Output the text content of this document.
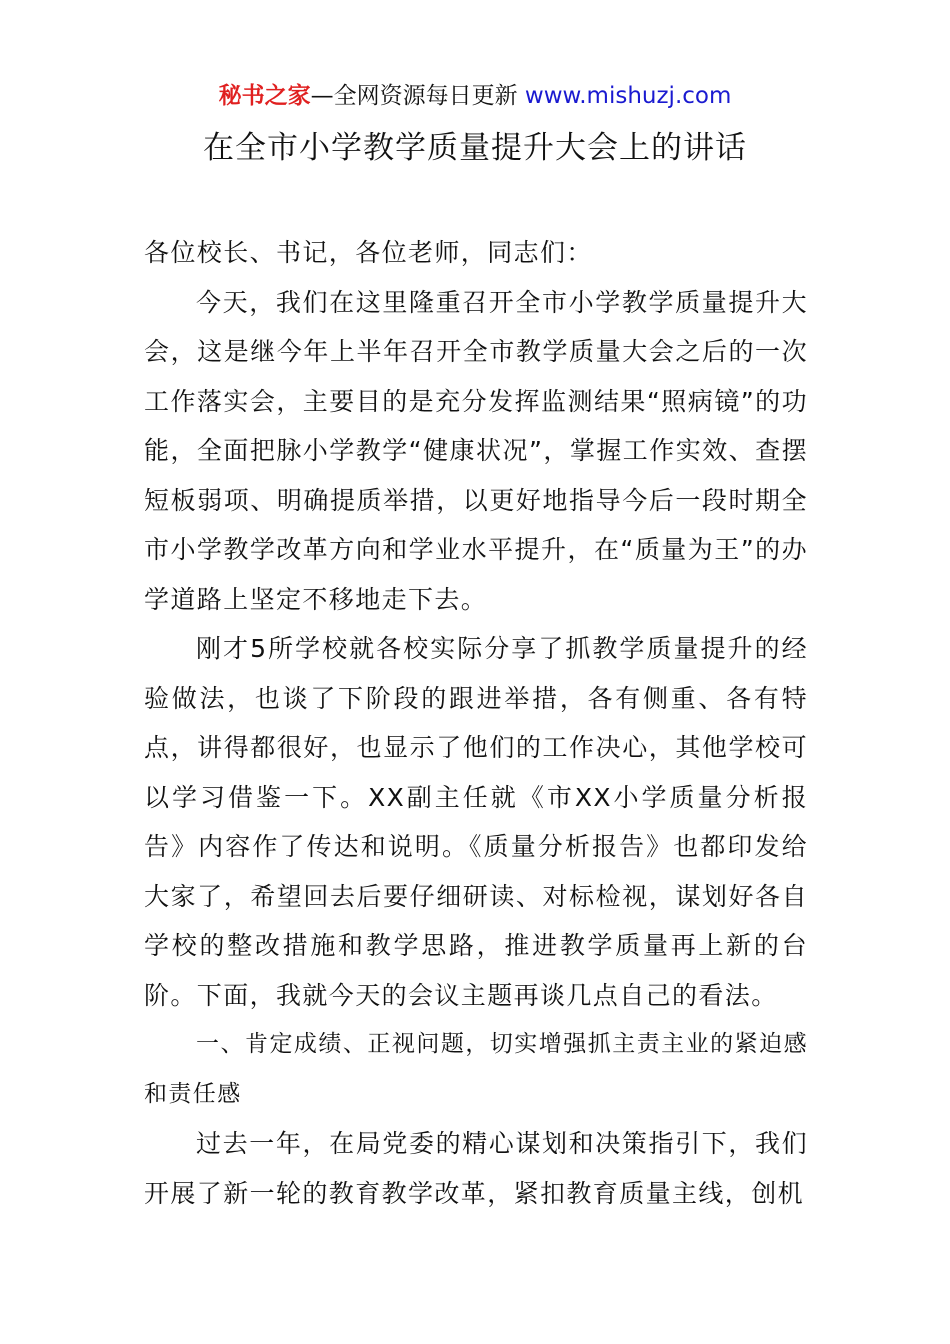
秘书之家—全网资源每日更新 www.mishuzj.com
在全市小学教学质量提升大会上的讲话

各位校长、书记，各位老师，同志们：

今天，我们在这里隆重召开全市小学教学质量提升大会，这是继今年上半年召开全市教学质量大会之后的一次工作落实会，主要目的是充分发挥监测结果“照病镜”的功能，全面把脉小学教学“健康状况”，掌握工作实效、查摆短板弱项、明确提质举措，以更好地指导今后一段时期全市小学教学改革方向和学业水平提升，在“质量为王”的办学道路上坚定不移地走下去。

刚才5所学校就各校实际分享了抓教学质量提升的经验做法，也谈了下阶段的跟进举措，各有侧重、各有特点，讲得都很好，也显示了他们的工作决心，其他学校可以学习借鉴一下。XX副主任就《市XX小学质量分析报告》内容作了传达和说明。《质量分析报告》也都印发给大家了，希望回去后要仔细研读、对标检视，谋划好各自学校的整改措施和教学思路，推进教学质量再上新的台阶。下面，我就今天的会议主题再谈几点自己的看法。

一、肯定成绩、正视问题，切实增强抓主责主业的紧迫感和责任感

过去一年，在局党委的精心谋划和决策指引下，我们开展了新一轮的教育教学改革，紧扣教育质量主线，创机
